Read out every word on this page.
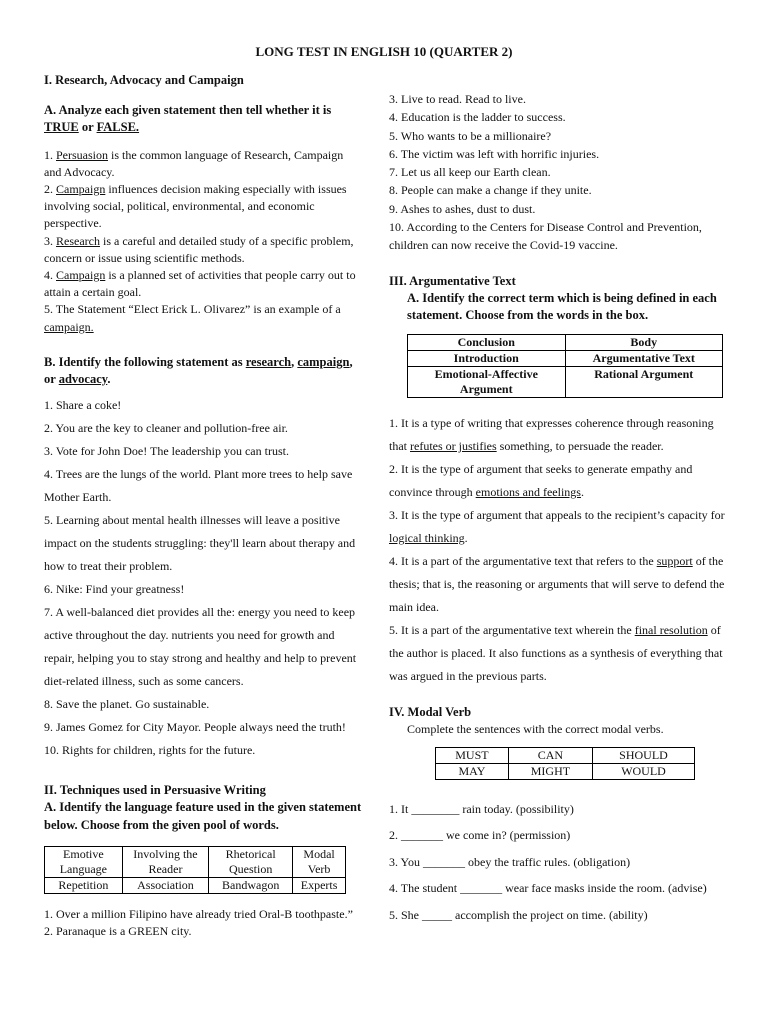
LONG TEST IN ENGLISH 10 (QUARTER 2)
I. Research, Advocacy and Campaign
A. Analyze each given statement then tell whether it is
TRUE or FALSE.

1. Persuasion is the common language of Research, Campaign and Advocacy.

2. Campaign influences decision making especially with issues involving social, political, environmental, and economic perspective.

3. Research is a careful and detailed study of a specific problem, concern or issue using scientific methods.

4. Campaign is a planned set of activities that people carry out to attain a certain goal.

5. The Statement “Elect Erick L. Olivarez” is an example of a campaign.

B. Identify the following statement as research, campaign,
or advocacy.

1. Share a coke!

2. You are the key to cleaner and pollution-free air.

3. Vote for John Doe! The leadership you can trust.

4. Trees are the lungs of the world. Plant more trees to help save Mother Earth.

5. Learning about mental health illnesses will leave a positive impact on the students struggling: they'll learn about therapy and how to treat their problem.

6. Nike: Find your greatness!

7. A well-balanced diet provides all the: energy you need to keep active throughout the day. nutrients you need for growth and repair, helping you to stay strong and healthy and help to prevent diet-related illness, such as some cancers.

8. Save the planet. Go sustainable.

9. James Gomez for City Mayor. People always need the truth!

10. Rights for children, rights for the future.

II. Techniques used in Persuasive Writing
A. Identify the language feature used in the given statement below. Choose from the given pool of words.
Emotive Language	Involving the Reader	Rhetorical Question	Modal Verb
Repetition	Association	Bandwagon	Experts

1. Over a million Filipino have already tried Oral-B toothpaste.”

2. Paranaque is a GREEN city.

3. Live to read. Read to live.

4. Education is the ladder to success.

5. Who wants to be a millionaire?

6. The victim was left with horrific injuries.

7. Let us all keep our Earth clean.

8. People can make a change if they unite.

9. Ashes to ashes, dust to dust.

10. According to the Centers for Disease Control and Prevention, children can now receive the Covid-19 vaccine.

III. Argumentative Text
A. Identify the correct term which is being defined in each statement. Choose from the words in the box.
Conclusion	Body
Introduction	Argumentative Text
Emotional-Affective Argument	Rational Argument

1. It is a type of writing that expresses coherence through reasoning that refutes or justifies something, to persuade the reader.

2. It is the type of argument that seeks to generate empathy and convince through emotions and feelings.

3. It is the type of argument that appeals to the recipient’s capacity for logical thinking.

4. It is a part of the argumentative text that refers to the support of the thesis; that is, the reasoning or arguments that will serve to defend the main idea.

5. It is a part of the argumentative text wherein the final resolution of the author is placed. It also functions as a synthesis of everything that was argued in the previous parts.

IV. Modal Verb
Complete the sentences with the correct modal verbs.
MUST	CAN	SHOULD
MAY	MIGHT	WOULD

1. It ________ rain today. (possibility)

2. _______ we come in? (permission)

3. You _______ obey the traffic rules. (obligation)

4. The student _______ wear face masks inside the room. (advise)

5. She _____ accomplish the project on time. (ability)
